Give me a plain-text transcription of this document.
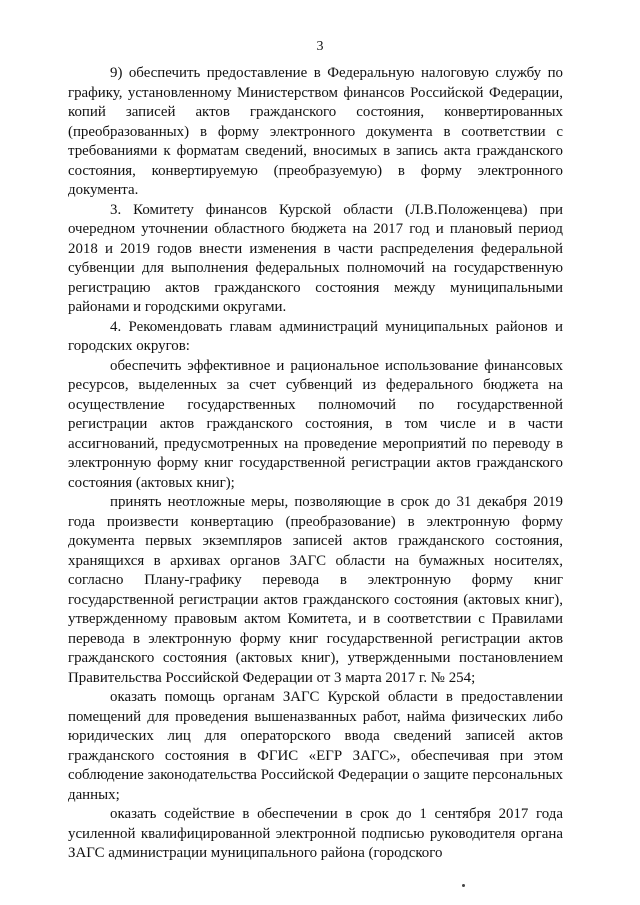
3

9) обеспечить предоставление в Федеральную налоговую службу по графику, установленному Министерством финансов Российской Федерации, копий записей актов гражданского состояния, конвертированных (преобразованных) в форму электронного документа в соответствии с требованиями к форматам сведений, вносимых в запись акта гражданского состояния, конвертируемую (преобразуемую) в форму электронного документа.

3. Комитету финансов Курской области (Л.В.Положенцева) при очередном уточнении областного бюджета на 2017 год и плановый период 2018 и 2019 годов внести изменения в части распределения федеральной субвенции для выполнения федеральных полномочий на государственную регистрацию актов гражданского состояния между муниципальными районами и городскими округами.

4. Рекомендовать главам администраций муниципальных районов и городских округов:

обеспечить эффективное и рациональное использование финансовых ресурсов, выделенных за счет субвенций из федерального бюджета на осуществление государственных полномочий по государственной регистрации актов гражданского состояния, в том числе и в части ассигнований, предусмотренных на проведение мероприятий по переводу в электронную форму книг государственной регистрации актов гражданского состояния (актовых книг);

принять неотложные меры, позволяющие в срок до 31 декабря 2019 года произвести конвертацию (преобразование) в электронную форму документа первых экземпляров записей актов гражданского состояния, хранящихся в архивах органов ЗАГС области на бумажных носителях, согласно Плану-графику перевода в электронную форму книг государственной регистрации актов гражданского состояния (актовых книг), утвержденному правовым актом Комитета, и в соответствии с Правилами перевода в электронную форму книг государственной регистрации актов гражданского состояния (актовых книг), утвержденными постановлением Правительства Российской Федерации от 3 марта 2017 г. № 254;

оказать помощь органам ЗАГС Курской области в предоставлении помещений для проведения вышеназванных работ, найма физических либо юридических лиц для операторского ввода сведений записей актов гражданского состояния в ФГИС «ЕГР ЗАГС», обеспечивая при этом соблюдение законодательства Российской Федерации о защите персональных данных;

оказать содействие в обеспечении в срок до 1 сентября 2017 года усиленной квалифицированной электронной подписью руководителя органа ЗАГС администрации муниципального района (городского
